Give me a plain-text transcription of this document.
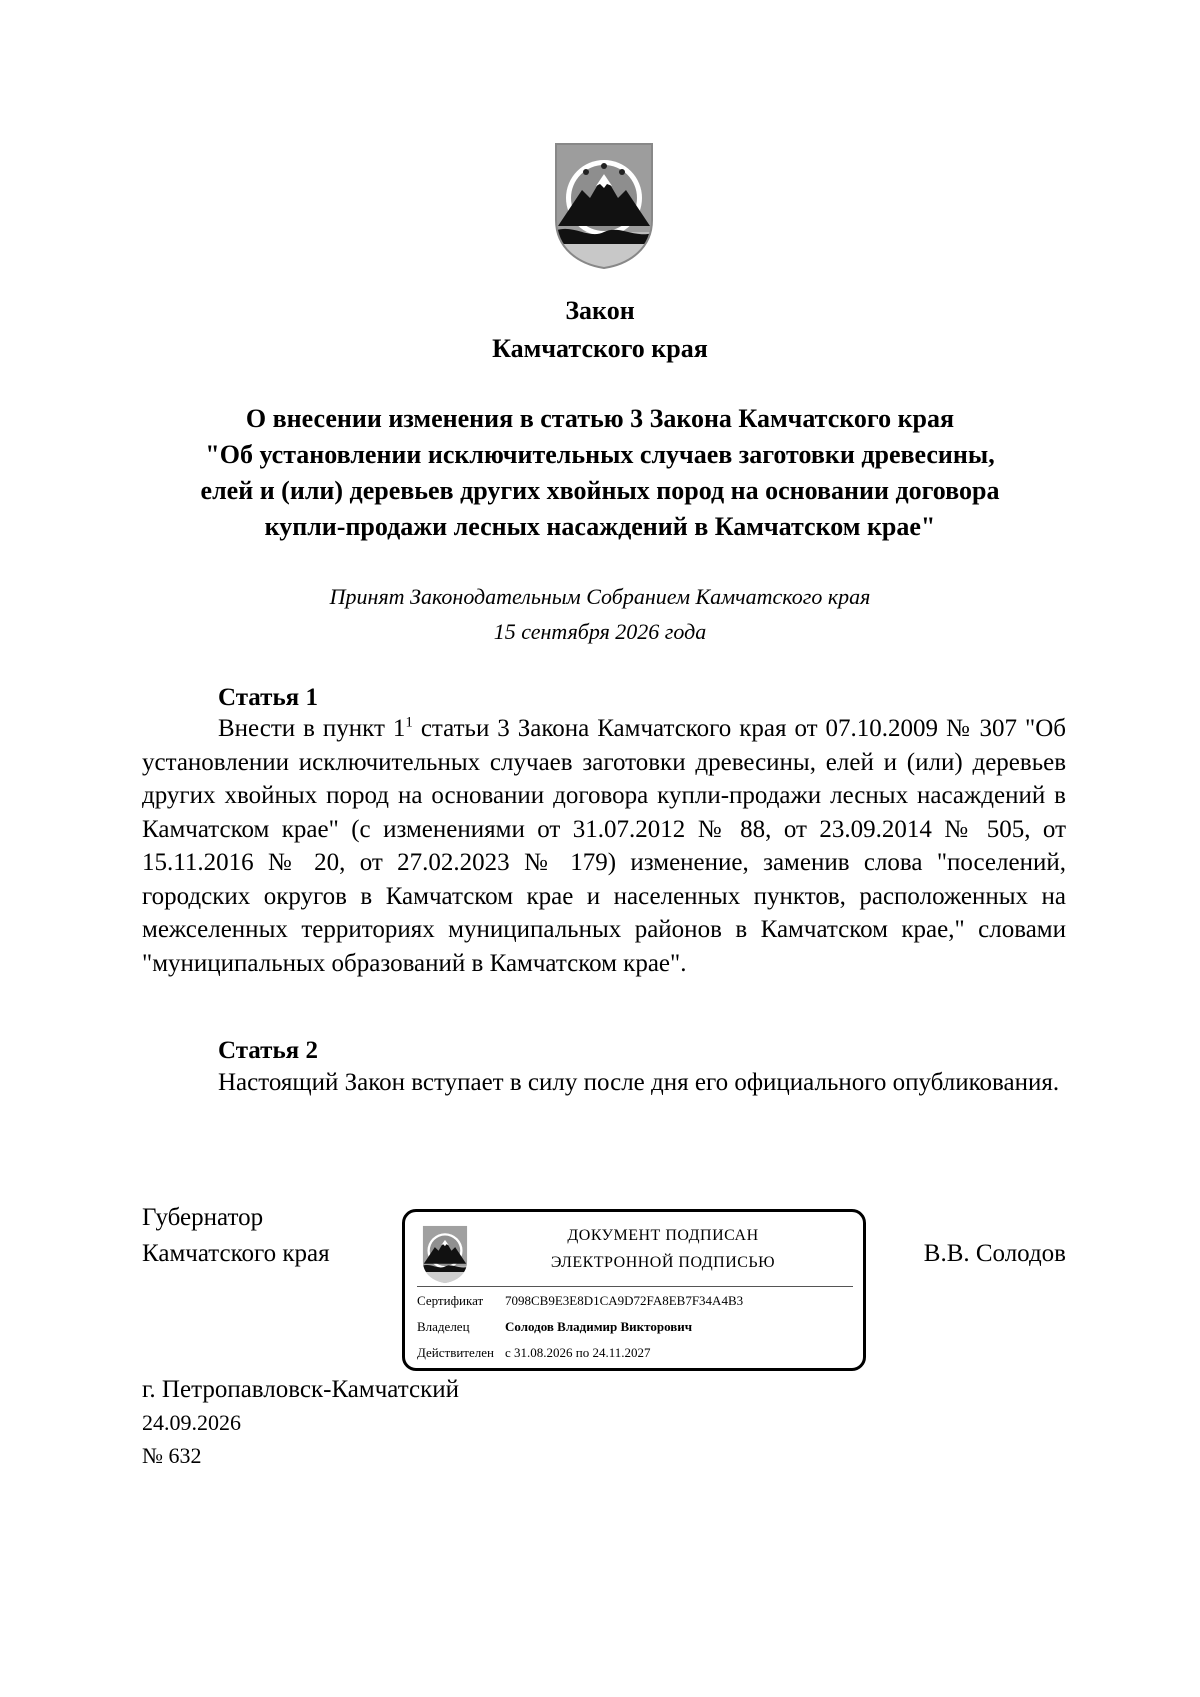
Закон
Камчатского края
О внесении изменения в статью 3 Закона Камчатского края
"Об установлении исключительных случаев заготовки древесины,
елей и (или) деревьев других хвойных пород на основании договора
купли-продажи лесных насаждений в Камчатском крае"
Принят Законодательным Собранием Камчатского края
15 сентября 2026 года
Статья 1

Внести в пункт $1^1$ статьи 3 Закона Камчатского края от 07.10.2009 № 307 "Об установлении исключительных случаев заготовки древесины, елей и (или) деревьев других хвойных пород на основании договора купли-продажи лесных насаждений в Камчатском крае" (с изменениями от 31.07.2012 № 88, от 23.09.2014 № 505, от 15.11.2016 № 20, от 27.02.2023 № 179) изменение, заменив слова "поселений, городских округов в Камчатском крае и населенных пунктов, расположенных на межселенных территориях муниципальных районов в Камчатском крае," словами "муниципальных образований в Камчатском крае".

Статья 2

Настоящий Закон вступает в силу после дня его официального опубликования.

Губернатор
Камчатского края	В.В. Солодов
ДОКУМЕНТ ПОДПИСАН
ЭЛЕКТРОННОЙ ПОДПИСЬЮ
Сертификат 7098CB9E3E8D1CA9D72FA8EB7F34A4B3
Владелец	Солодов Владимир Викторович
Действителен с 31.08.2026 по 24.11.2027
г. Петропавловск-Камчатский
24.09.2026
№ 632
